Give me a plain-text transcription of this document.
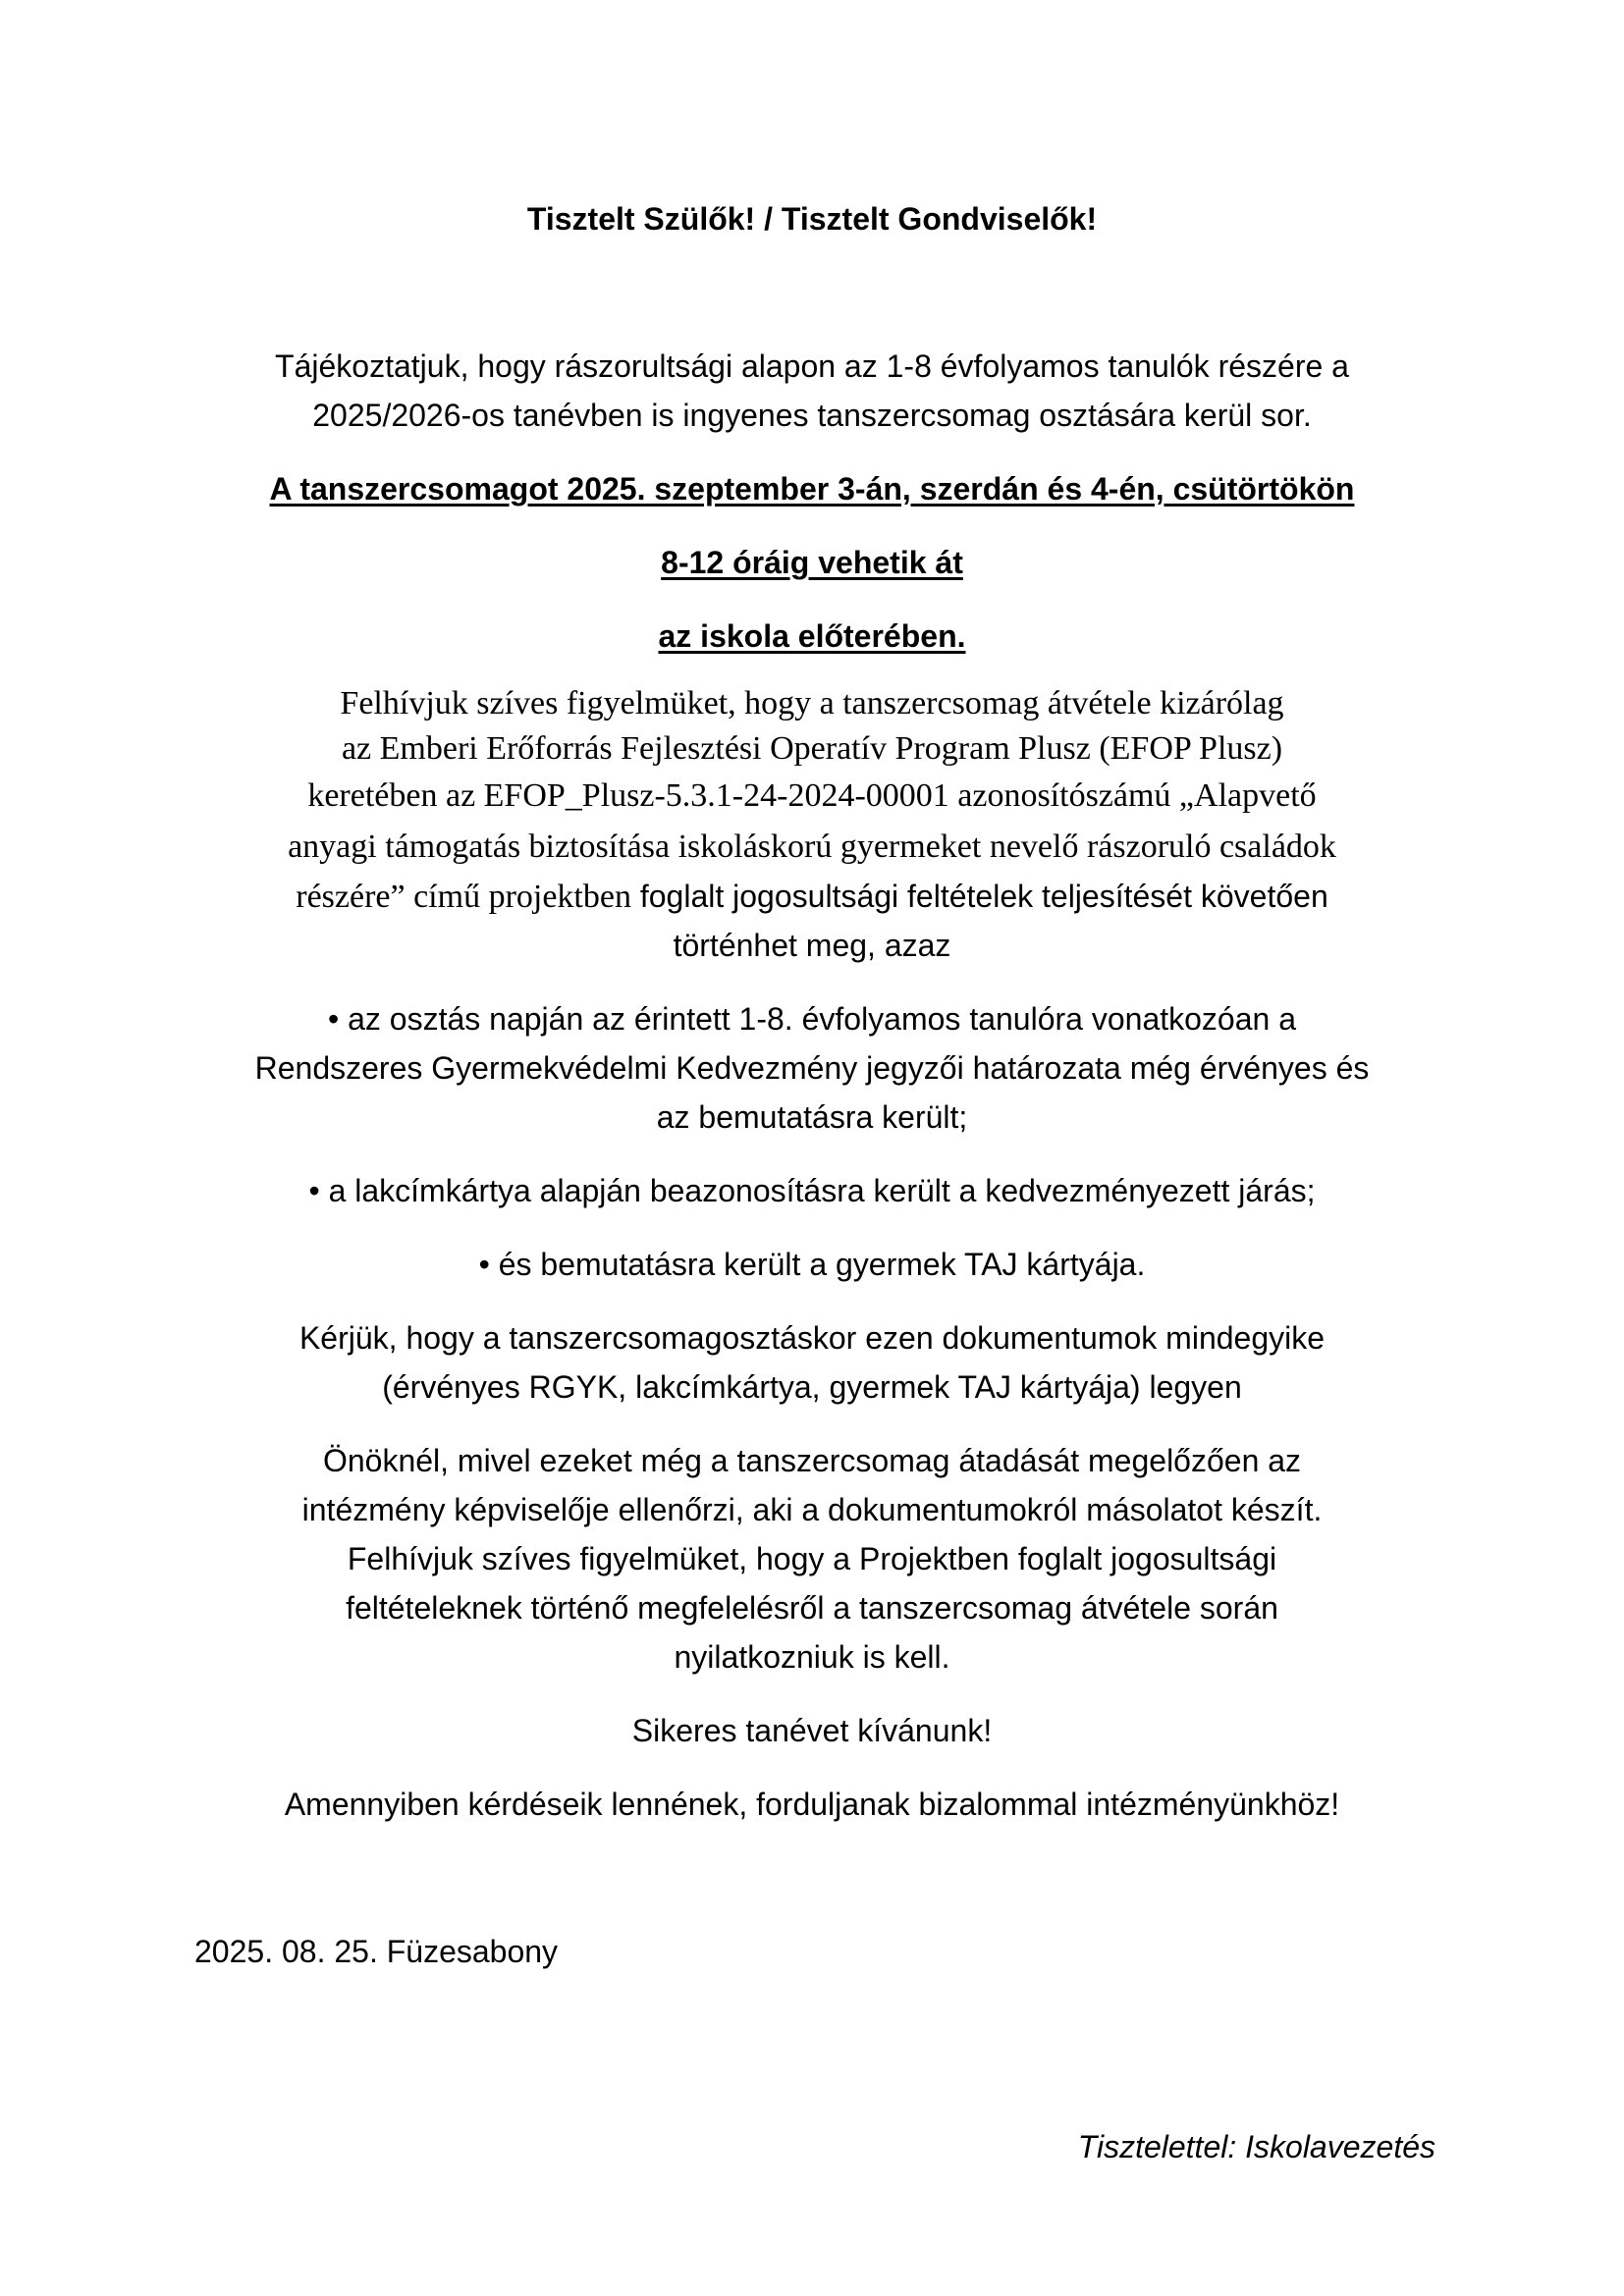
Tisztelt Szülők! / Tisztelt Gondviselők!
Tájékoztatjuk, hogy rászorultsági alapon az 1-8 évfolyamos tanulók részére a
2025/2026-os tanévben is ingyenes tanszercsomag osztására kerül sor.
A tanszercsomagot 2025. szeptember 3-án, szerdán és 4-én, csütörtökön
8-12 óráig vehetik át
az iskola előterében.
Felhívjuk szíves figyelmüket, hogy a tanszercsomag átvétele kizárólag
az Emberi Erőforrás Fejlesztési Operatív Program Plusz (EFOP Plusz)
keretében az EFOP_Plusz-5.3.1-24-2024-00001 azonosítószámú „Alapvető
anyagi támogatás biztosítása iskoláskorú gyermeket nevelő rászoruló családok
részére” című projektben foglalt jogosultsági feltételek teljesítését követően
történhet meg, azaz
• az osztás napján az érintett 1-8. évfolyamos tanulóra vonatkozóan a
Rendszeres Gyermekvédelmi Kedvezmény jegyzői határozata még érvényes és
az bemutatásra került;
• a lakcímkártya alapján beazonosításra került a kedvezményezett járás;
• és bemutatásra került a gyermek TAJ kártyája.
Kérjük, hogy a tanszercsomagosztáskor ezen dokumentumok mindegyike
(érvényes RGYK, lakcímkártya, gyermek TAJ kártyája) legyen
Önöknél, mivel ezeket még a tanszercsomag átadását megelőzően az
intézmény képviselője ellenőrzi, aki a dokumentumokról másolatot készít.
Felhívjuk szíves figyelmüket, hogy a Projektben foglalt jogosultsági
feltételeknek történő megfelelésről a tanszercsomag átvétele során
nyilatkozniuk is kell.
Sikeres tanévet kívánunk!
Amennyiben kérdéseik lennének, forduljanak bizalommal intézményünkhöz!
2025. 08. 25. Füzesabony
Tisztelettel: Iskolavezetés
